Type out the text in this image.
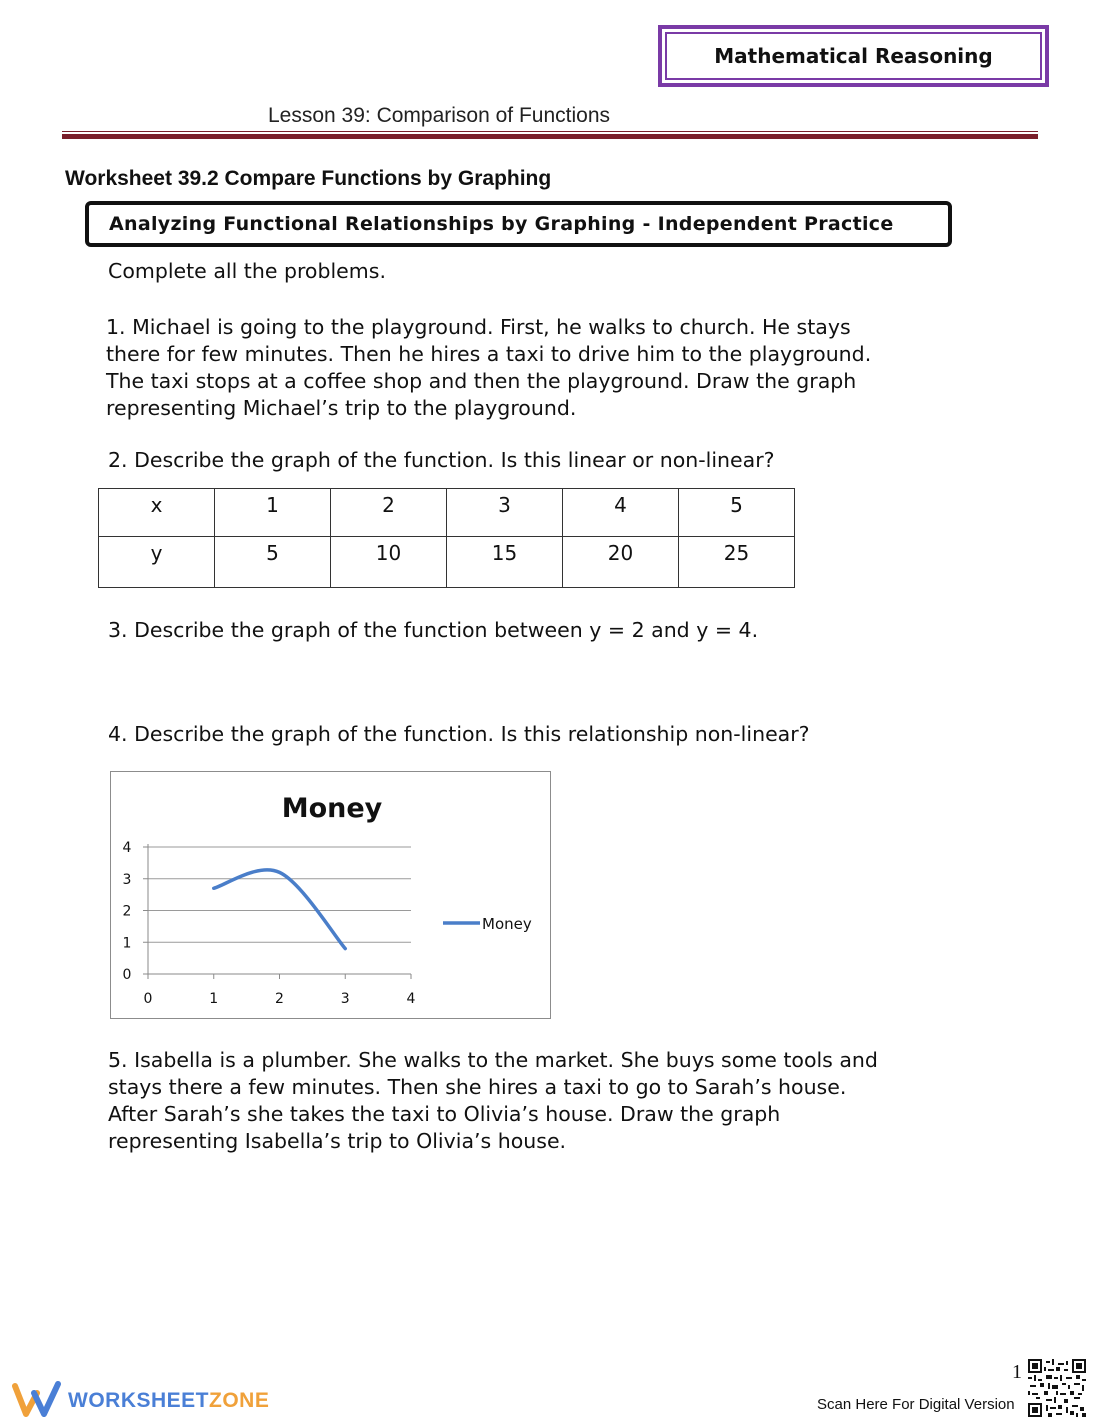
Mathematical Reasoning
Lesson 39: Comparison of Functions
Worksheet 39.2 Compare Functions by Graphing
Analyzing Functional Relationships by Graphing - Independent Practice

Complete all the problems.

1. Michael is going to the playground. First, he walks to church. He stays
there for few minutes. Then he hires a taxi to drive him to the playground.
The taxi stops at a coffee shop and then the playground. Draw the graph
representing Michael’s trip to the playground.

2. Describe the graph of the function. Is this linear or non-linear?

x	1	2	3	4	5
y	5	10	15	20	25

3. Describe the graph of the function between y = 2 and y = 4.

4. Describe the graph of the function. Is this relationship non-linear?

Money
0
1
2
3
4
0	1	2	3	4
Money

5. Isabella is a plumber. She walks to the market. She buys some tools and
stays there a few minutes. Then she hires a taxi to go to Sarah’s house.
After Sarah’s she takes the taxi to Olivia’s house. Draw the graph
representing Isabella’s trip to Olivia’s house.

WORKSHEETZONE
1
Scan Here For Digital Version
